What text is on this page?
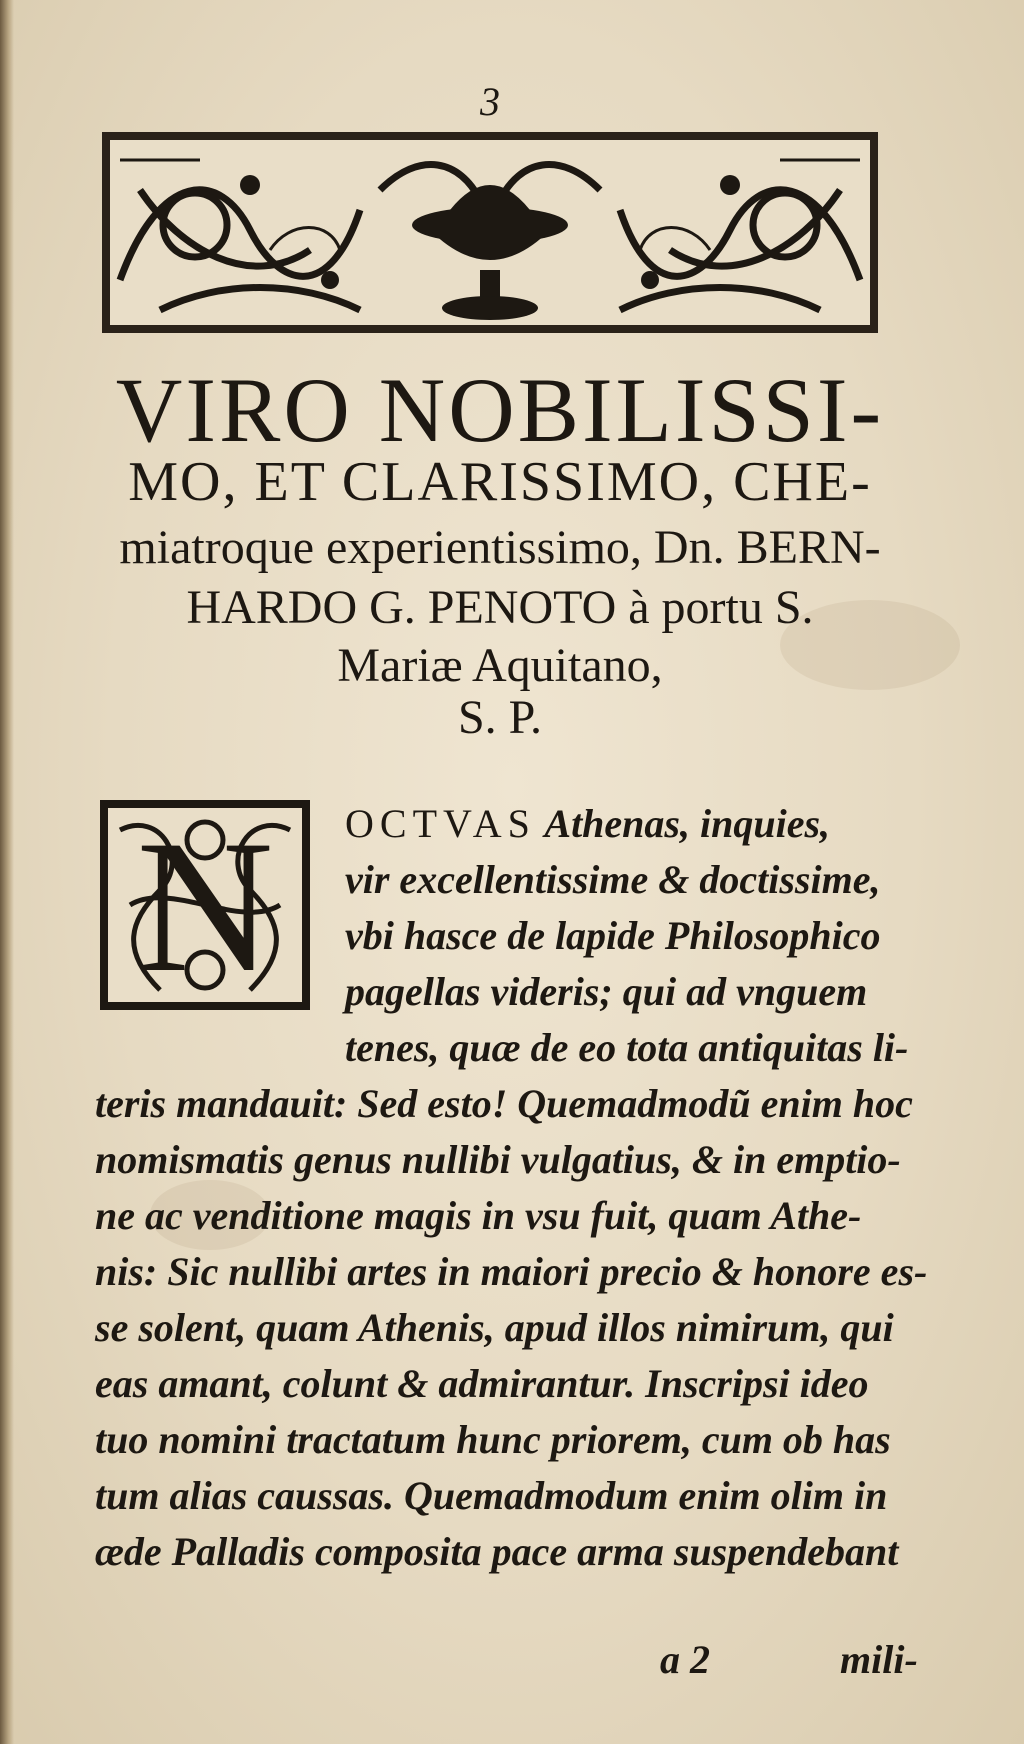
3
VIRO NOBILISSI-
MO, ET CLARISSIMO, CHE-
miatroque experientissimo, Dn. BERN-
HARDO G. PENOTO à portu S.
Mariæ Aquitano,
S. P.
N OCTVAS Athenas, inquies,
vir excellentissime & doctissime,
vbi hasce de lapide Philosophico
pagellas videris; qui ad vnguem
tenes, quæ de eo tota antiquitas li-
teris mandauit: Sed esto! Quemadmodũ enim hoc
nomismatis genus nullibi vulgatius, & in emptio-
ne ac venditione magis in vsu fuit, quam Athe-
nis: Sic nullibi artes in maiori precio & honore es-
se solent, quam Athenis, apud illos nimirum, qui
eas amant, colunt & admirantur. Inscripsi ideo
tuo nomini tractatum hunc priorem, cum ob has
tum alias caussas. Quemadmodum enim olim in
æde Palladis composita pace arma suspendebant
a 2	mili-
